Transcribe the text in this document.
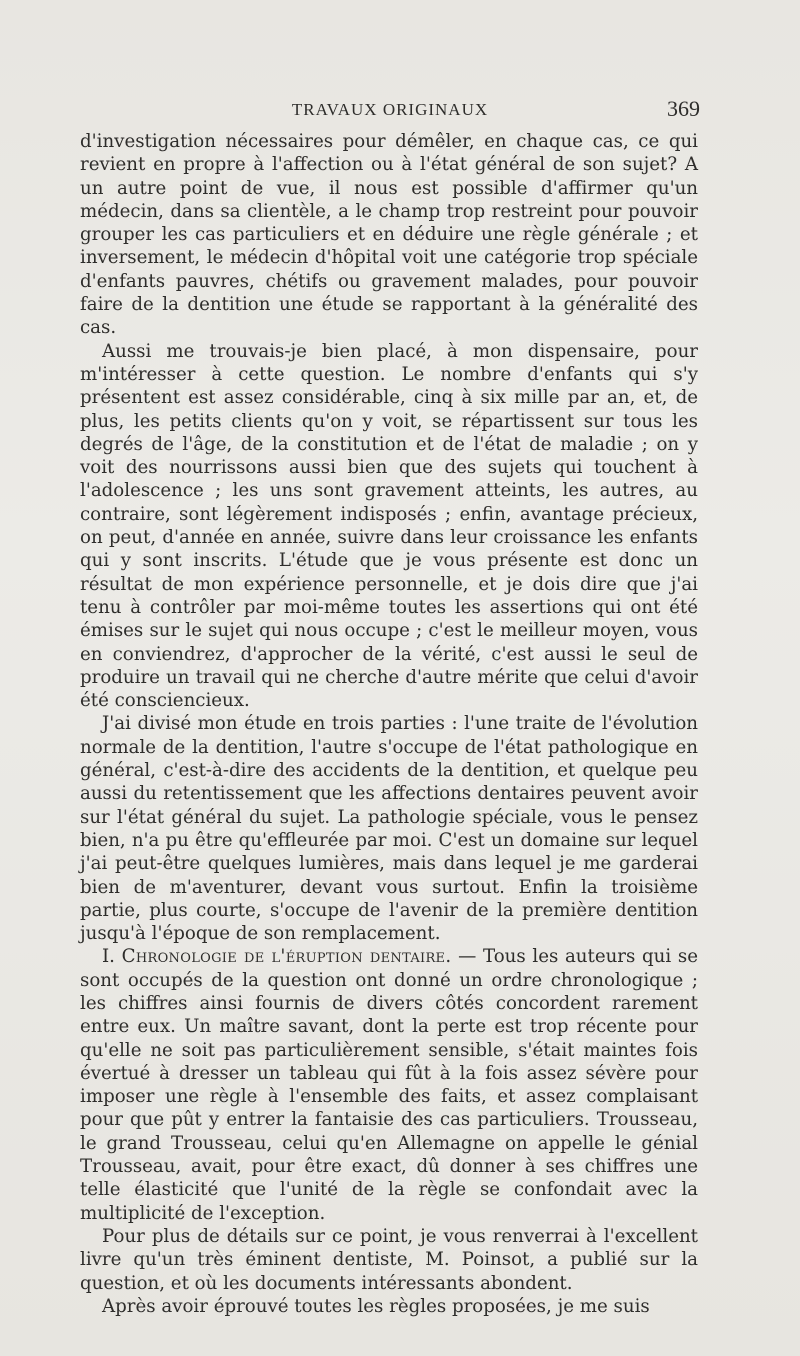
TRAVAUX ORIGINAUX	369

d'investigation nécessaires pour démêler, en chaque cas, ce qui revient en propre à l'affection ou à l'état général de son sujet? A un autre point de vue, il nous est possible d'affirmer qu'un médecin, dans sa clientèle, a le champ trop restreint pour pouvoir grouper les cas particuliers et en déduire une règle générale ; et inversement, le médecin d'hôpital voit une catégorie trop spéciale d'enfants pauvres, chétifs ou gravement malades, pour pouvoir faire de la dentition une étude se rapportant à la généralité des cas.

Aussi me trouvais-je bien placé, à mon dispensaire, pour m'intéresser à cette question. Le nombre d'enfants qui s'y présentent est assez considérable, cinq à six mille par an, et, de plus, les petits clients qu'on y voit, se répartissent sur tous les degrés de l'âge, de la constitution et de l'état de maladie ; on y voit des nourrissons aussi bien que des sujets qui touchent à l'adolescence ; les uns sont gravement atteints, les autres, au contraire, sont légèrement indisposés ; enfin, avantage précieux, on peut, d'année en année, suivre dans leur croissance les enfants qui y sont inscrits. L'étude que je vous présente est donc un résultat de mon expérience personnelle, et je dois dire que j'ai tenu à contrôler par moi-même toutes les assertions qui ont été émises sur le sujet qui nous occupe ; c'est le meilleur moyen, vous en conviendrez, d'approcher de la vérité, c'est aussi le seul de produire un travail qui ne cherche d'autre mérite que celui d'avoir été consciencieux.

J'ai divisé mon étude en trois parties : l'une traite de l'évolution normale de la dentition, l'autre s'occupe de l'état pathologique en général, c'est-à-dire des accidents de la dentition, et quelque peu aussi du retentissement que les affections dentaires peuvent avoir sur l'état général du sujet. La pathologie spéciale, vous le pensez bien, n'a pu être qu'effleurée par moi. C'est un domaine sur lequel j'ai peut-être quelques lumières, mais dans lequel je me garderai bien de m'aventurer, devant vous surtout. Enfin la troisième partie, plus courte, s'occupe de l'avenir de la première dentition jusqu'à l'époque de son remplacement.

I. Chronologie de l'éruption dentaire. — Tous les auteurs qui se sont occupés de la question ont donné un ordre chronologique ; les chiffres ainsi fournis de divers côtés concordent rarement entre eux. Un maître savant, dont la perte est trop récente pour qu'elle ne soit pas particulièrement sensible, s'était maintes fois évertué à dresser un tableau qui fût à la fois assez sévère pour imposer une règle à l'ensemble des faits, et assez complaisant pour que pût y entrer la fantaisie des cas particuliers. Trousseau, le grand Trousseau, celui qu'en Allemagne on appelle le génial Trousseau, avait, pour être exact, dû donner à ses chiffres une telle élasticité que l'unité de la règle se confondait avec la multiplicité de l'exception.

Pour plus de détails sur ce point, je vous renverrai à l'excellent livre qu'un très éminent dentiste, M. Poinsot, a publié sur la question, et où les documents intéressants abondent.

Après avoir éprouvé toutes les règles proposées, je me suis
